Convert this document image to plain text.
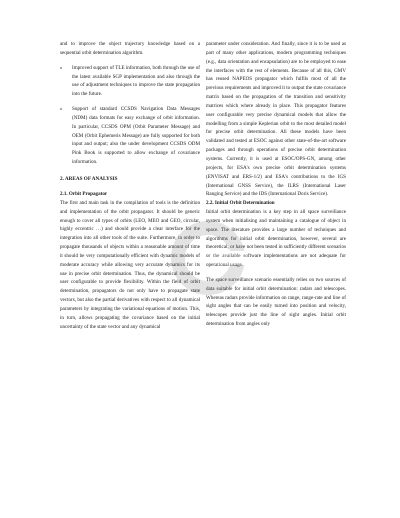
and to improve the object trajectory knowledge based on a sequential orbit determination algorithm.

o Improved support of TLE information, both through the use of the latest available SGP implementation and also through the use of adjustment techniques to improve the state propagation into the future.
o Support of standard CCSDS Navigation Data Messages (NDM) data formats for easy exchange of orbit information. In particular, CCSDS OPM (Orbit Parameter Message) and OEM (Orbit Ephemeris Message) are fully supported for both input and output; also the under development CCSDS ODM Pink Book is supported to allow exchange of covariance information.
2. AREAS OF ANALYSIS
2.1. Orbit Propagator

The first and main task in the compilation of tools is the definition and implementation of the orbit propagator. It should be generic enough to cover all types of orbits (LEO, MEO and GEO, circular, highly eccentric …) and should provide a clear interface for the integration into all other tools of the suite. Furthermore, in order to propagate thousands of objects within a reasonable amount of time it should be very computationally efficient with dynamic models of moderate accuracy while allowing very accurate dynamics for its use in precise orbit determination. Thus, the dynamical should be user configurable to provide flexibility. Within the field of orbit determination, propagators do not only have to propagate state vectors, but also the partial derivatives with respect to all dynamical parameters by integrating the variational equations of motion. This, in turn, allows propagating the covariance based on the initial uncertainty of the state vector and any dynamical

parameter under consideration. And finally, since it is to be used as part of many other applications, modern programming techniques (e.g., data orientation and encapsulation) are to be employed to ease the interfaces with the rest of elements. Because of all this, GMV has reused NAPEOS propagator which fulfils most of all the previous requirements and improved it to output the state covariance matrix based on the propagation of the transition and sensitivity matrices which where already in place. This propagator features user configurable very precise dynamical models that allow the modelling from a simple Keplerian orbit to the most detailed model for precise orbit determination. All these models have been validated and tested at ESOC against other state-of-the-art software packages and through operations of precise orbit determination systems. Currently, it is used at ESOC/OPS-GN, among other projects, for ESA's own precise orbit determination systems (ENVISAT and ERS-1/2) and ESA's contributions to the IGS (International GNSS Service), the ILRS (International Laser Ranging Service) and the IDS (International Doris Service).

2.2. Initial Orbit Determination

Initial orbit determination is a key step in all space surveillance system when initialising and maintaining a catalogue of object in space. The literature provides a large number of techniques and algorithms for initial orbit determination, however, several are theoretical, or have not been tested in sufficiently different scenarios or the available software implementations are not adequate for operational usage.

The space surveillance scenario essentially relies on two sources of data suitable for initial orbit determination: radars and telescopes. Whereas radars provide information on range, range-rate and line of sight angles that can be easily turned into position and velocity, telescopes provide just the line of sight angles. Initial orbit determination from angles only
